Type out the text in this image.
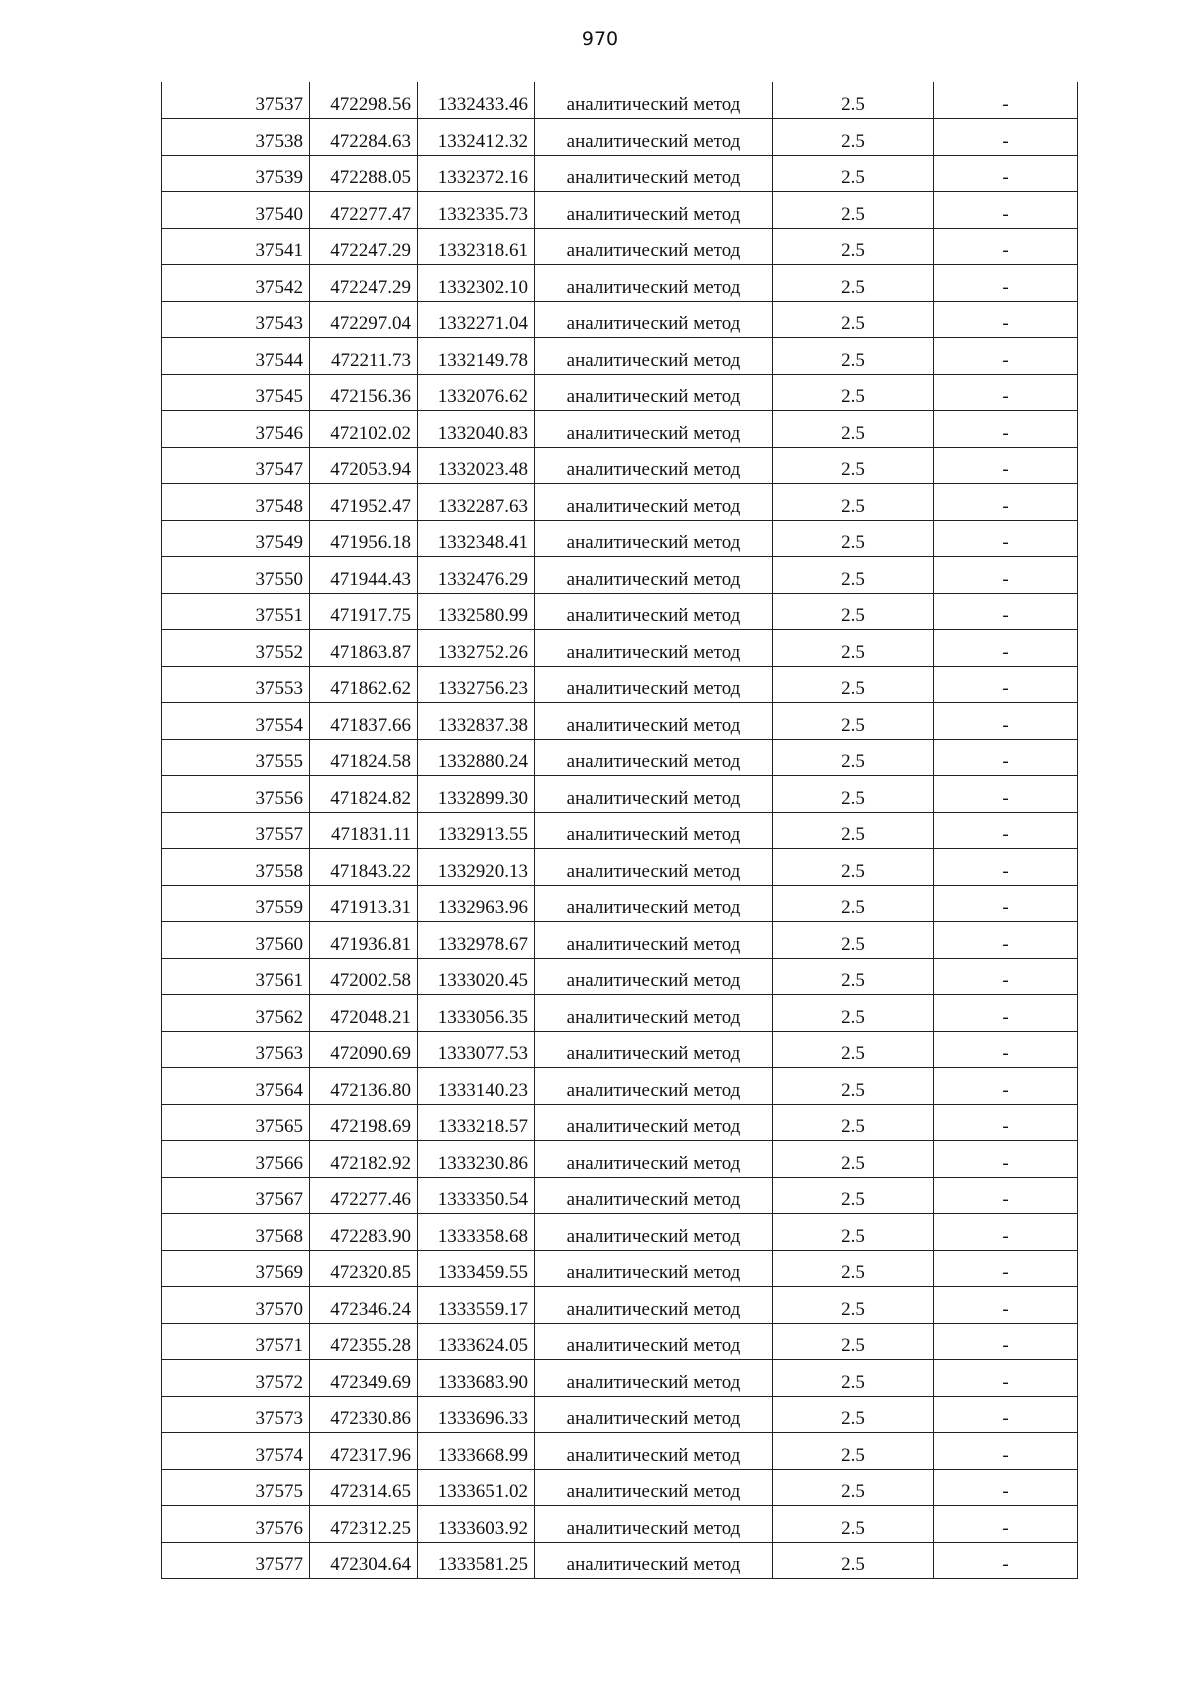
970
37537	472298.56	1332433.46	аналитический метод	2.5	-
37538	472284.63	1332412.32	аналитический метод	2.5	-
37539	472288.05	1332372.16	аналитический метод	2.5	-
37540	472277.47	1332335.73	аналитический метод	2.5	-
37541	472247.29	1332318.61	аналитический метод	2.5	-
37542	472247.29	1332302.10	аналитический метод	2.5	-
37543	472297.04	1332271.04	аналитический метод	2.5	-
37544	472211.73	1332149.78	аналитический метод	2.5	-
37545	472156.36	1332076.62	аналитический метод	2.5	-
37546	472102.02	1332040.83	аналитический метод	2.5	-
37547	472053.94	1332023.48	аналитический метод	2.5	-
37548	471952.47	1332287.63	аналитический метод	2.5	-
37549	471956.18	1332348.41	аналитический метод	2.5	-
37550	471944.43	1332476.29	аналитический метод	2.5	-
37551	471917.75	1332580.99	аналитический метод	2.5	-
37552	471863.87	1332752.26	аналитический метод	2.5	-
37553	471862.62	1332756.23	аналитический метод	2.5	-
37554	471837.66	1332837.38	аналитический метод	2.5	-
37555	471824.58	1332880.24	аналитический метод	2.5	-
37556	471824.82	1332899.30	аналитический метод	2.5	-
37557	471831.11	1332913.55	аналитический метод	2.5	-
37558	471843.22	1332920.13	аналитический метод	2.5	-
37559	471913.31	1332963.96	аналитический метод	2.5	-
37560	471936.81	1332978.67	аналитический метод	2.5	-
37561	472002.58	1333020.45	аналитический метод	2.5	-
37562	472048.21	1333056.35	аналитический метод	2.5	-
37563	472090.69	1333077.53	аналитический метод	2.5	-
37564	472136.80	1333140.23	аналитический метод	2.5	-
37565	472198.69	1333218.57	аналитический метод	2.5	-
37566	472182.92	1333230.86	аналитический метод	2.5	-
37567	472277.46	1333350.54	аналитический метод	2.5	-
37568	472283.90	1333358.68	аналитический метод	2.5	-
37569	472320.85	1333459.55	аналитический метод	2.5	-
37570	472346.24	1333559.17	аналитический метод	2.5	-
37571	472355.28	1333624.05	аналитический метод	2.5	-
37572	472349.69	1333683.90	аналитический метод	2.5	-
37573	472330.86	1333696.33	аналитический метод	2.5	-
37574	472317.96	1333668.99	аналитический метод	2.5	-
37575	472314.65	1333651.02	аналитический метод	2.5	-
37576	472312.25	1333603.92	аналитический метод	2.5	-
37577	472304.64	1333581.25	аналитический метод	2.5	-
